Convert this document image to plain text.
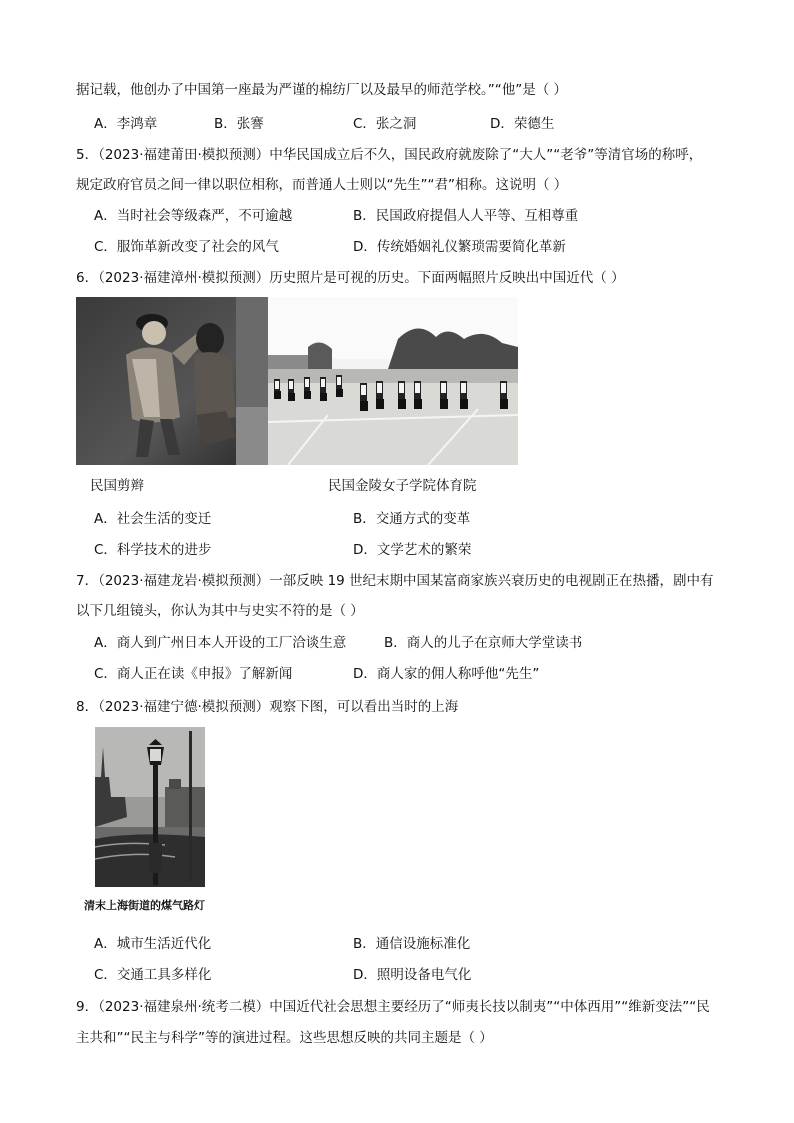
据记载，他创办了中国第一座最为严谨的棉纺厂以及最早的师范学校。”“他”是（ ）
A．李鸿章	B．张謇	C．张之洞	D．荣德生
5．（2023·福建莆田·模拟预测）中华民国成立后不久，国民政府就废除了“大人”“老爷”等清官场的称呼，
规定政府官员之间一律以职位相称，而普通人士则以“先生”“君”相称。这说明（ ）
A．当时社会等级森严，不可逾越	B．民国政府提倡人人平等、互相尊重
C．服饰革新改变了社会的风气	D．传统婚姻礼仪繁琐需要简化革新
6．（2023·福建漳州·模拟预测）历史照片是可视的历史。下面两幅照片反映出中国近代（ ）
民国剪辫	民国金陵女子学院体育院
A．社会生活的变迁	B．交通方式的变革
C．科学技术的进步	D．文学艺术的繁荣
7．（2023·福建龙岩·模拟预测）一部反映 19 世纪末期中国某富商家族兴衰历史的电视剧正在热播，剧中有
以下几组镜头，你认为其中与史实不符的是（ ）
A．商人到广州日本人开设的工厂洽谈生意	B．商人的儿子在京师大学堂读书
C．商人正在读《申报》了解新闻	D．商人家的佣人称呼他“先生”
8．（2023·福建宁德·模拟预测）观察下图，可以看出当时的上海
清末上海街道的煤气路灯
A．城市生活近代化	B．通信设施标准化
C．交通工具多样化	D．照明设备电气化
9．（2023·福建泉州·统考二模）中国近代社会思想主要经历了“师夷长技以制夷”“中体西用”“维新变法”“民
主共和”“民主与科学”等的演进过程。这些思想反映的共同主题是（ ）
